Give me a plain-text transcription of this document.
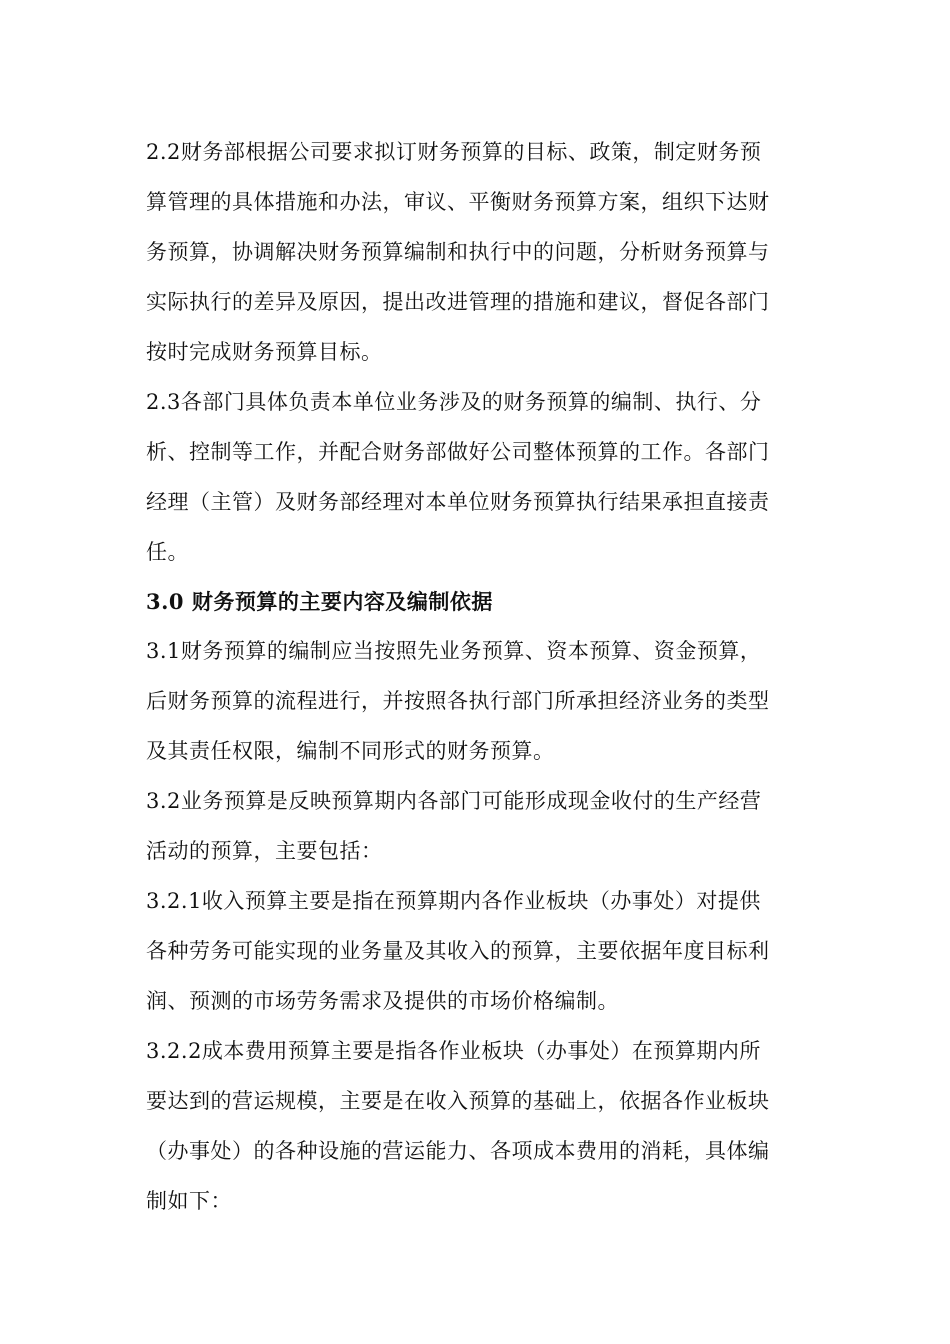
2.2财务部根据公司要求拟订财务预算的目标、政策，制定财务预
算管理的具体措施和办法，审议、平衡财务预算方案，组织下达财
务预算，协调解决财务预算编制和执行中的问题，分析财务预算与
实际执行的差异及原因，提出改进管理的措施和建议，督促各部门
按时完成财务预算目标。
2.3各部门具体负责本单位业务涉及的财务预算的编制、执行、分
析、控制等工作，并配合财务部做好公司整体预算的工作。各部门
经理（主管）及财务部经理对本单位财务预算执行结果承担直接责
任。
3.0 财务预算的主要内容及编制依据
3.1财务预算的编制应当按照先业务预算、资本预算、资金预算，
后财务预算的流程进行，并按照各执行部门所承担经济业务的类型
及其责任权限，编制不同形式的财务预算。
3.2业务预算是反映预算期内各部门可能形成现金收付的生产经营
活动的预算，主要包括：
3.2.1收入预算主要是指在预算期内各作业板块（办事处）对提供
各种劳务可能实现的业务量及其收入的预算，主要依据年度目标利
润、预测的市场劳务需求及提供的市场价格编制。
3.2.2成本费用预算主要是指各作业板块（办事处）在预算期内所
要达到的营运规模，主要是在收入预算的基础上，依据各作业板块
（办事处）的各种设施的营运能力、各项成本费用的消耗，具体编
制如下：
